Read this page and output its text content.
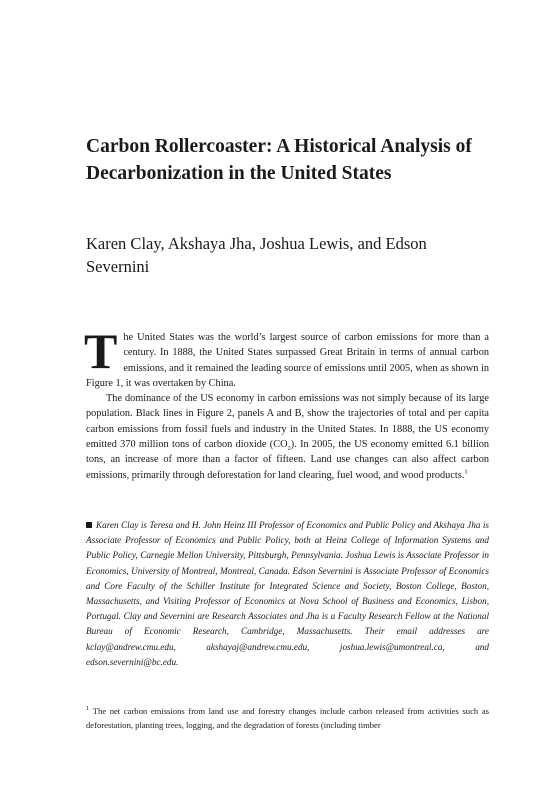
Carbon Rollercoaster: A Historical Analysis of Decarbonization in the United States

Karen Clay, Akshaya Jha, Joshua Lewis, and Edson Severnini

The United States was the world’s largest source of carbon emissions for more than a century. In 1888, the United States surpassed Great Britain in terms of annual carbon emissions, and it remained the leading source of emissions until 2005, when as shown in Figure 1, it was overtaken by China.

The dominance of the US economy in carbon emissions was not simply because of its large population. Black lines in Figure 2, panels A and B, show the trajectories of total and per capita carbon emissions from fossil fuels and industry in the United States. In 1888, the US economy emitted 370 million tons of carbon dioxide $(CO_2)$. In 2005, the US economy emitted 6.1 billion tons, an increase of more than a factor of fifteen. Land use changes can also affect carbon emissions, primarily through deforestation for land clearing, fuel wood, and wood products.$^1$

Karen Clay is Teresa and H. John Heinz III Professor of Economics and Public Policy and Akshaya Jha is Associate Professor of Economics and Public Policy, both at Heinz College of Information Systems and Public Policy, Carnegie Mellon University, Pittsburgh, Pennsylvania. Joshua Lewis is Associate Professor in Economics, University of Montreal, Montreal, Canada. Edson Severnini is Associate Professor of Economics and Core Faculty of the Schiller Institute for Integrated Science and Society, Boston College, Boston, Massachusetts, and Visiting Professor of Economics at Nova School of Business and Economics, Lisbon, Portugal. Clay and Severnini are Research Associates and Jha is a Faculty Research Fellow at the National Bureau of Economic Research, Cambridge, Massachusetts. Their email addresses are kclay@andrew.cmu.edu, akshayaj@andrew.cmu.edu, joshua.lewis@umontreal.ca, and edson.severnini@bc.edu.

$^1$ The net carbon emissions from land use and forestry changes include carbon released from activities such as deforestation, planting trees, logging, and the degradation of forests (including timber
